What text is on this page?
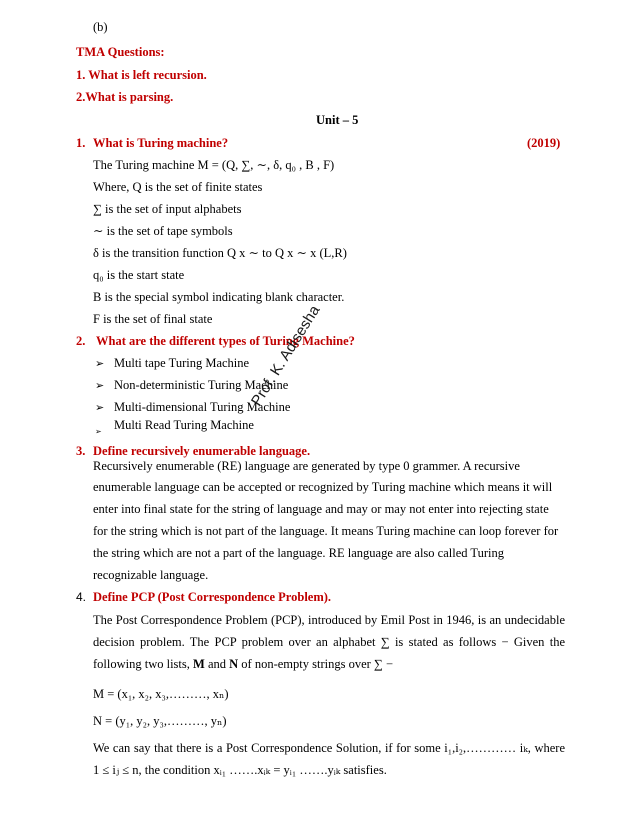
(b)
TMA Questions:
1. What is left recursion.
2.What is parsing.
Unit – 5
1. What is Turing machine?	(2019)
The Turing machine M = (Q, ∑, ∼, δ, q₀ , B , F)
Where, Q is the set of finite states
∑ is the set of input alphabets
∼ is the set of tape symbols
δ is the transition function Q x ∼ to Q x ∼ x (L,R)
q₀ is the start state
B is the special symbol indicating blank character.
F is the set of final state
2. What are the different types of Turing Machine?
➢ Multi tape Turing Machine
➢ Non-deterministic Turing Machine
➢ Multi-dimensional Turing Machine
➢ Multi Read Turing Machine
Prof. K. Adisesha
3. Define recursively enumerable language.
Recursively enumerable (RE) language are generated by type 0 grammer. A recursive
enumerable language can be accepted or recognized by Turing machine which means it will
enter into final state for the string of language and may or may not enter into rejecting state
for the string which is not part of the language. It means Turing machine can loop forever for
the string which are not a part of the language. RE language are also called Turing
recognizable language.
4. Define PCP (Post Correspondence Problem).
The Post Correspondence Problem (PCP), introduced by Emil Post in 1946, is an undecidable
decision problem. The PCP problem over an alphabet ∑ is stated as follows − Given the
following two lists, M and N of non-empty strings over ∑ −
M = (x₁, x₂, x₃,………, xₙ)
N = (y₁, y₂, y₃,………, yₙ)
We can say that there is a Post Correspondence Solution, if for some i₁,i₂,………… iₖ, where
1 ≤ iⱼ ≤ n, the condition xᵢ₁ …….xᵢₖ = yᵢ₁ …….yᵢₖ satisfies.
